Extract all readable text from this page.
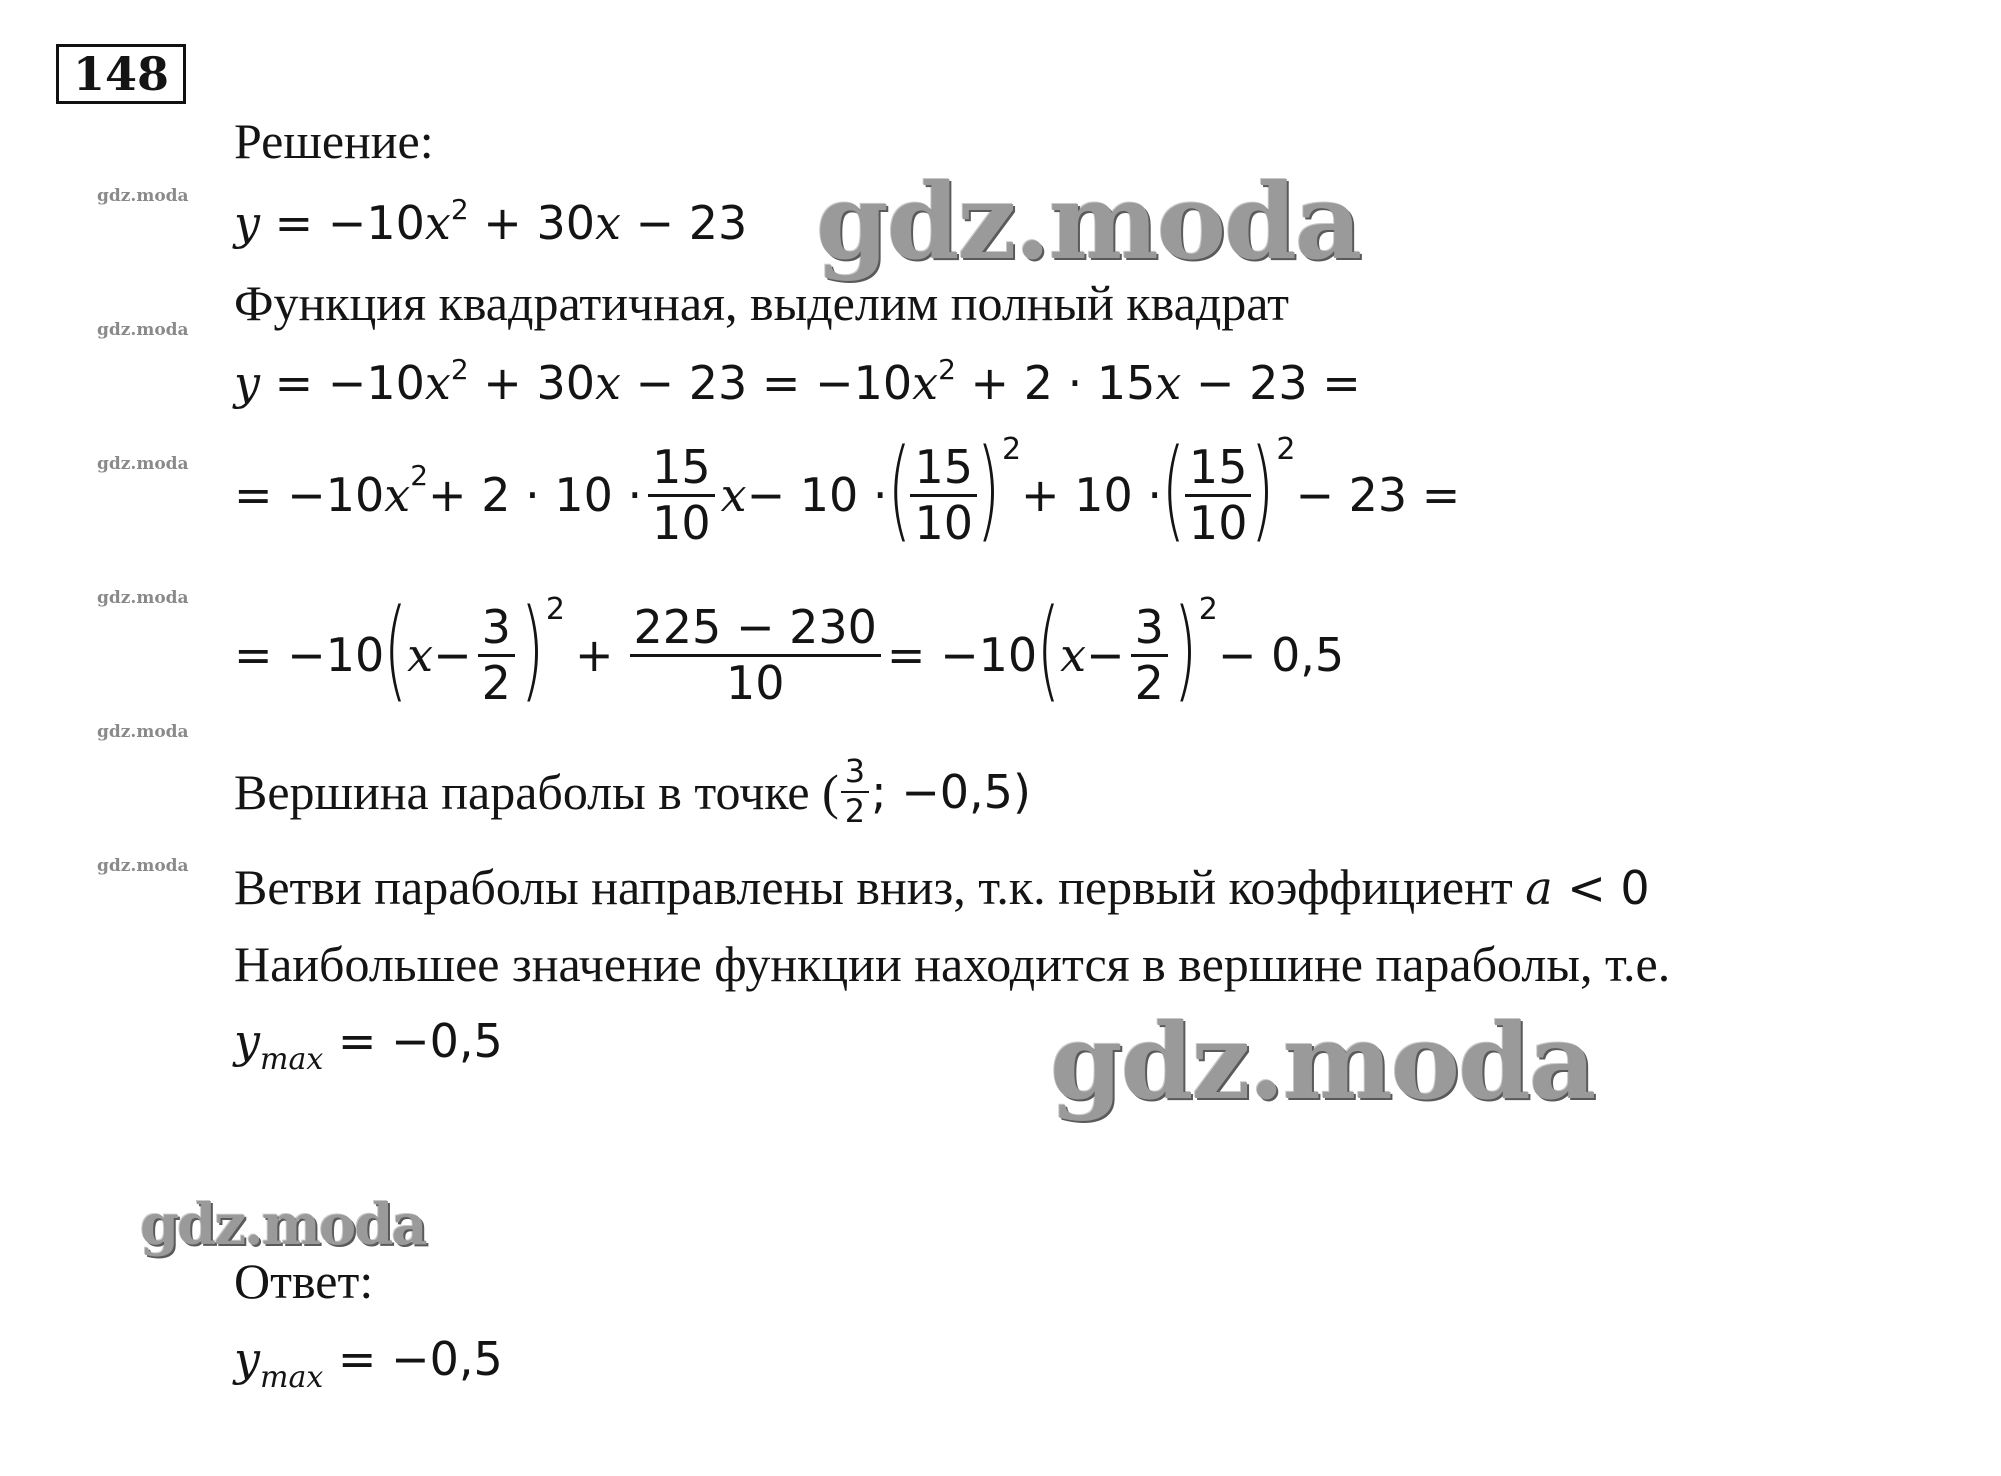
148
Решение:
$y = -10x^2 + 30x - 23$
Функция квадратичная, выделим полный квадрат
$y = -10x^2 + 30x - 23 = -10x^2 + 2 \cdot 15x - 23$ =
= −10 $x^2 + 2 \cdot 10 \cdot \frac{15}{10}$ x − 10 · ( $\frac{15}{10}$ ) 2
+ 10 · ( $\frac{15}{10}$ ) 2
− 23 =
= −10 ( $x - \frac{3}{2}$ ) 2
+ $\frac{225 - 230}{10} = -10$ ( $x - \frac{3}{2}$ ) 2
− 0,5
Вершина параболы в точке ( $\frac{3}{2}$ ; −0,5)
Ветви параболы направлены вниз, т.к. первый коэффициент a < 0
Наибольшее значение функции находится в вершине параболы, т.е.
$y_{max} = -0,5$
Ответ:
$y_{max} = -0,5$
gdz.moda
gdz.moda
gdz.moda
gdz.moda
gdz.moda
gdz.moda
gdz.moda
gdz.moda
gdz.moda
